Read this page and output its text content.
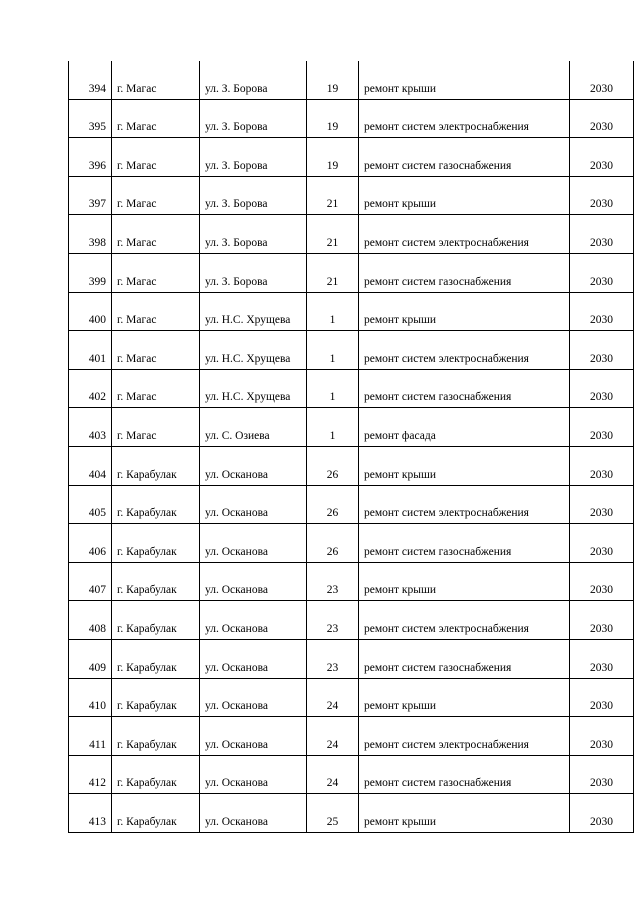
394	г. Магас	ул. З. Борова	19	ремонт крыши	2030
395	г. Магас	ул. З. Борова	19	ремонт систем электроснабжения	2030
396	г. Магас	ул. З. Борова	19	ремонт систем газоснабжения	2030
397	г. Магас	ул. З. Борова	21	ремонт крыши	2030
398	г. Магас	ул. З. Борова	21	ремонт систем электроснабжения	2030
399	г. Магас	ул. З. Борова	21	ремонт систем газоснабжения	2030
400	г. Магас	ул. Н.С. Хрущева	1	ремонт крыши	2030
401	г. Магас	ул. Н.С. Хрущева	1	ремонт систем электроснабжения	2030
402	г. Магас	ул. Н.С. Хрущева	1	ремонт систем газоснабжения	2030
403	г. Магас	ул. С. Озиева	1	ремонт фасада	2030
404	г. Карабулак	ул. Осканова	26	ремонт крыши	2030
405	г. Карабулак	ул. Осканова	26	ремонт систем электроснабжения	2030
406	г. Карабулак	ул. Осканова	26	ремонт систем газоснабжения	2030
407	г. Карабулак	ул. Осканова	23	ремонт крыши	2030
408	г. Карабулак	ул. Осканова	23	ремонт систем электроснабжения	2030
409	г. Карабулак	ул. Осканова	23	ремонт систем газоснабжения	2030
410	г. Карабулак	ул. Осканова	24	ремонт крыши	2030
411	г. Карабулак	ул. Осканова	24	ремонт систем электроснабжения	2030
412	г. Карабулак	ул. Осканова	24	ремонт систем газоснабжения	2030
413	г. Карабулак	ул. Осканова	25	ремонт крыши	2030
